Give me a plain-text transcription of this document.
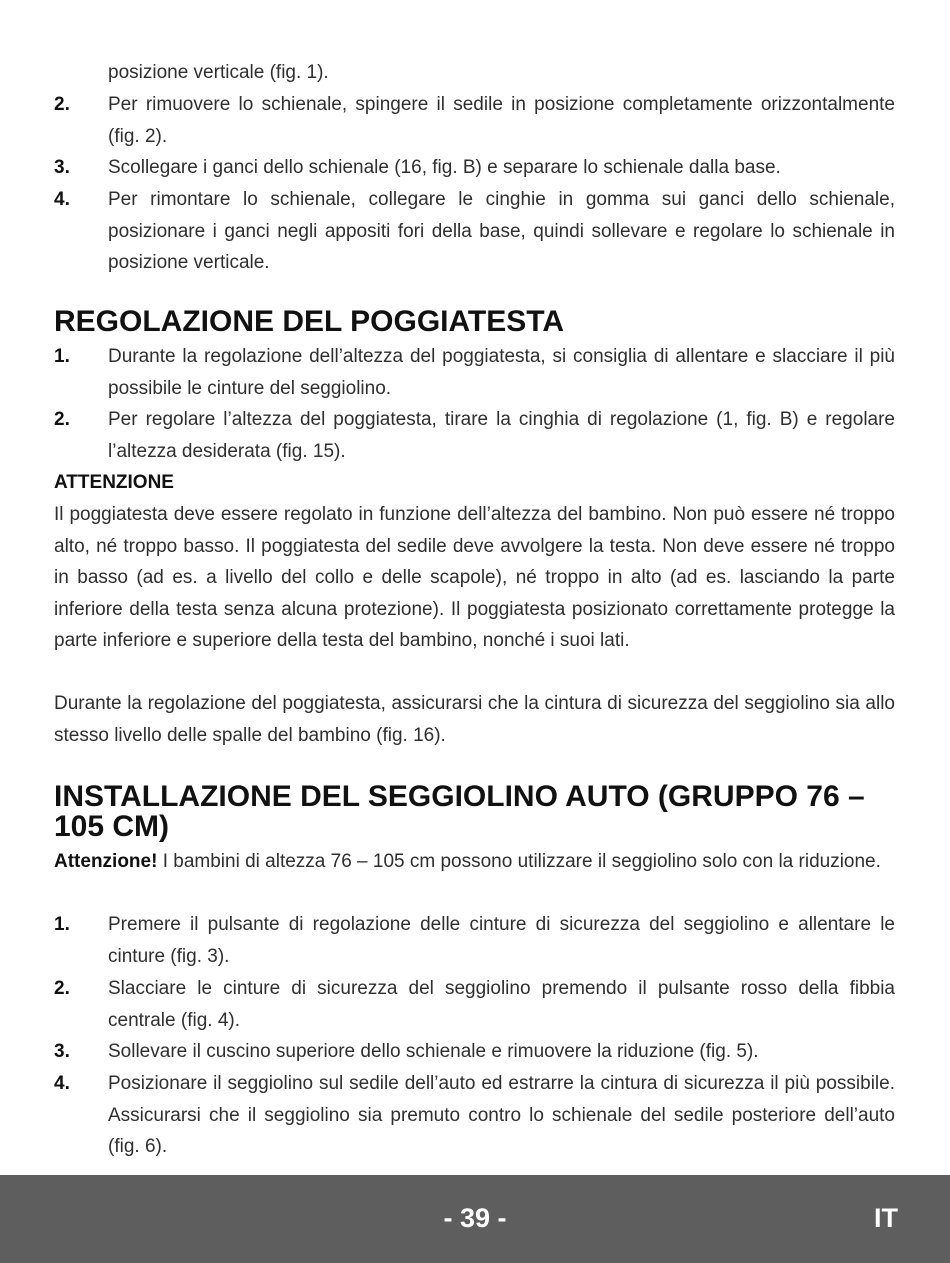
posizione verticale (fig. 1).
2. Per rimuovere lo schienale, spingere il sedile in posizione completamente orizzontalmente (fig. 2).
3. Scollegare i ganci dello schienale (16, fig. B) e separare lo schienale dalla base.
4. Per rimontare lo schienale, collegare le cinghie in gomma sui ganci dello schienale, posizionare i ganci negli appositi fori della base, quindi sollevare e regolare lo schienale in posizione verticale.
REGOLAZIONE DEL POGGIATESTA
1. Durante la regolazione dell’altezza del poggiatesta, si consiglia di allentare e slacciare il più possibile le cinture del seggiolino.
2. Per regolare l’altezza del poggiatesta, tirare la cinghia di regolazione (1, fig. B) e regolare l’altezza desiderata (fig. 15).
ATTENZIONE
Il poggiatesta deve essere regolato in funzione dell’altezza del bambino. Non può essere né troppo alto, né troppo basso. Il poggiatesta del sedile deve avvolgere la testa. Non deve essere né troppo in basso (ad es. a livello del collo e delle scapole), né troppo in alto (ad es. lasciando la parte inferiore della testa senza alcuna protezione). Il poggiatesta posizionato correttamente protegge la parte inferiore e superiore della testa del bambino, nonché i suoi lati.
Durante la regolazione del poggiatesta, assicurarsi che la cintura di sicurezza del seggiolino sia allo stesso livello delle spalle del bambino (fig. 16).
INSTALLAZIONE DEL SEGGIOLINO AUTO (GRUPPO 76 – 105 CM)
Attenzione! I bambini di altezza 76 – 105 cm possono utilizzare il seggiolino solo con la riduzione.
1. Premere il pulsante di regolazione delle cinture di sicurezza del seggiolino e allentare le cinture (fig. 3).
2. Slacciare le cinture di sicurezza del seggiolino premendo il pulsante rosso della fibbia centrale (fig. 4).
3. Sollevare il cuscino superiore dello schienale e rimuovere la riduzione (fig. 5).
4. Posizionare il seggiolino sul sedile dell’auto ed estrarre la cintura di sicurezza il più possibile. Assicurarsi che il seggiolino sia premuto contro lo schienale del sedile posteriore dell’auto (fig. 6).
- 39 -	IT
